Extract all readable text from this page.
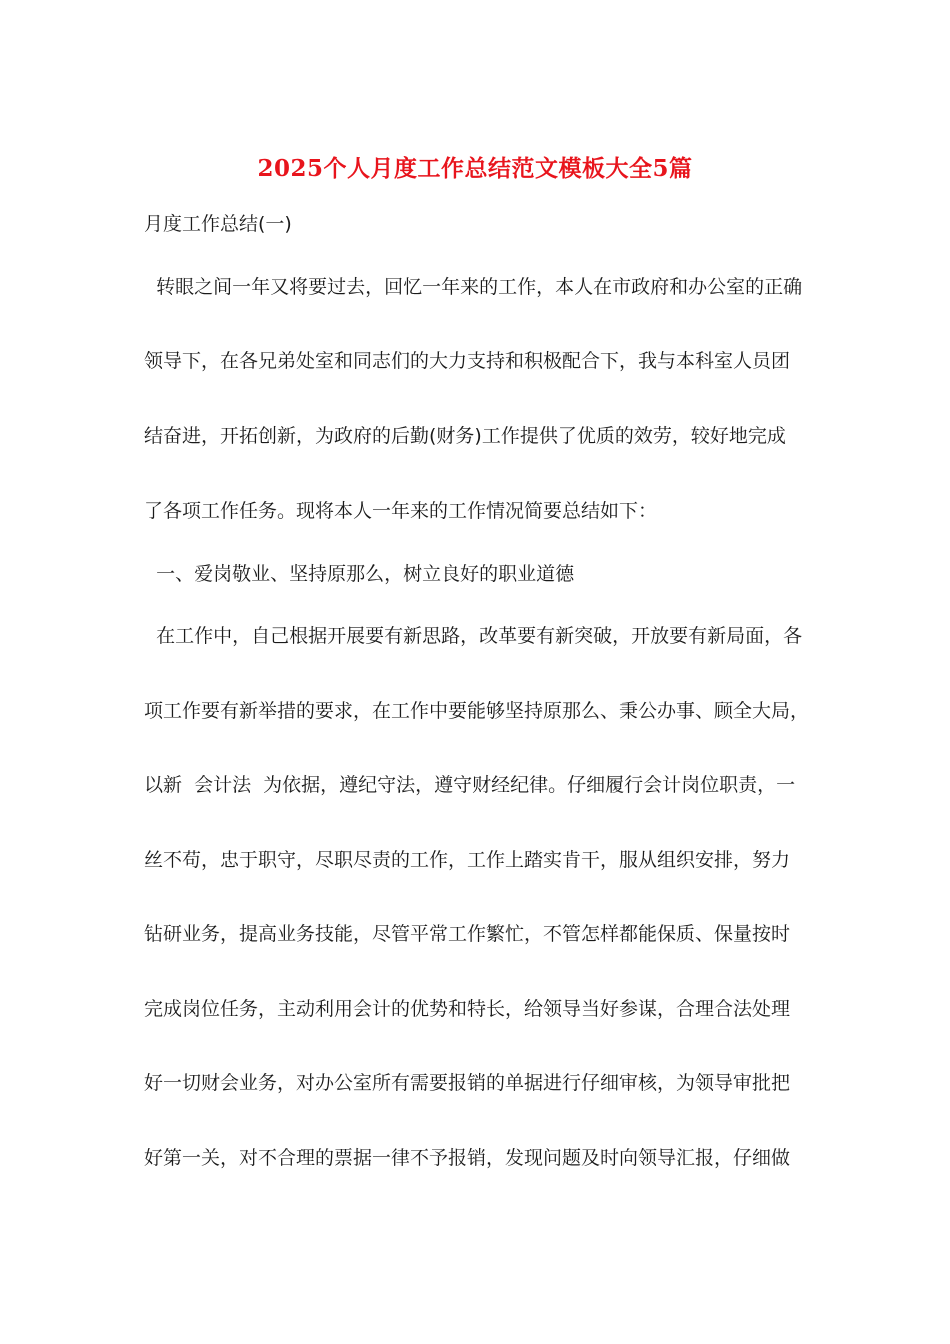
2025个人月度工作总结范文模板大全5篇
月度工作总结(一)
转眼之间一年又将要过去，回忆一年来的工作，本人在市政府和办公室的正确
领导下，在各兄弟处室和同志们的大力支持和积极配合下，我与本科室人员团
结奋进，开拓创新，为政府的后勤(财务)工作提供了优质的效劳，较好地完成
了各项工作任务。现将本人一年来的工作情况简要总结如下：
一、爱岗敬业、坚持原那么，树立良好的职业道德
在工作中，自己根据开展要有新思路，改革要有新突破，开放要有新局面，各
项工作要有新举措的要求，在工作中要能够坚持原那么、秉公办事、顾全大局，
以新  会计法  为依据，遵纪守法，遵守财经纪律。仔细履行会计岗位职责，一
丝不苟，忠于职守，尽职尽责的工作，工作上踏实肯干，服从组织安排，努力
钻研业务，提高业务技能，尽管平常工作繁忙，不管怎样都能保质、保量按时
完成岗位任务，主动利用会计的优势和特长，给领导当好参谋，合理合法处理
好一切财会业务，对办公室所有需要报销的单据进行仔细审核，为领导审批把
好第一关，对不合理的票据一律不予报销，发现问题及时向领导汇报，仔细做
